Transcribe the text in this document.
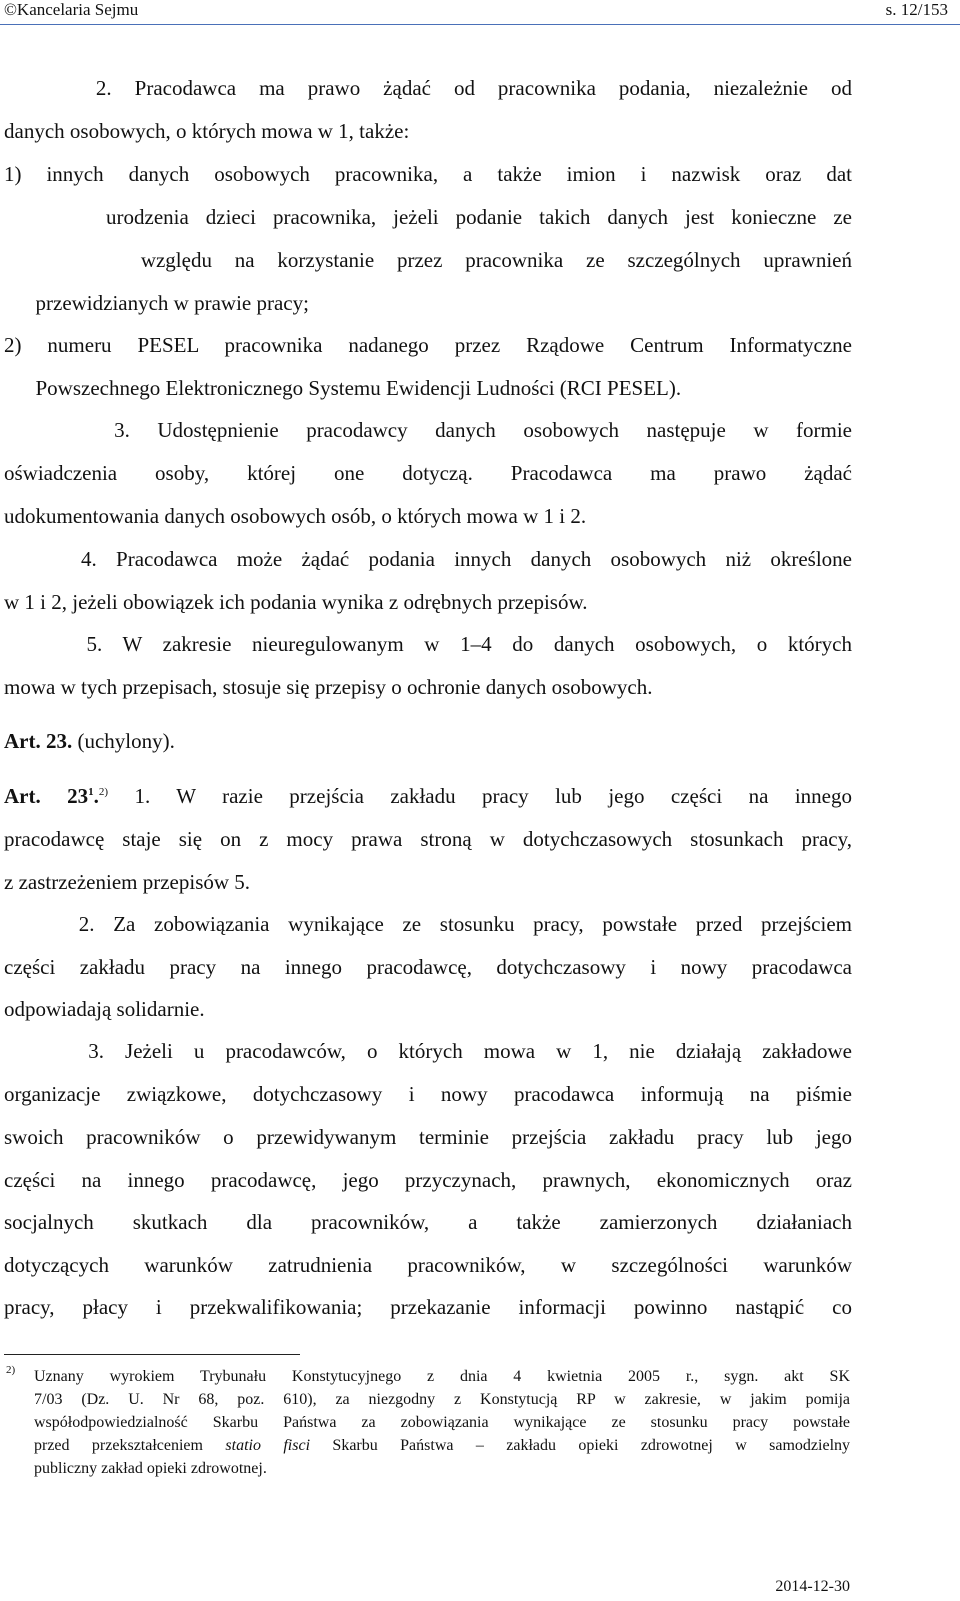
©Kancelaria Sejmu	s. 12/153
2. Pracodawca ma prawo żądać od pracownika podania, niezależnie od
danych osobowych, o których mowa w 1, także:
1) innych danych osobowych pracownika, a także imion i nazwisk oraz dat
urodzenia dzieci pracownika, jeżeli podanie takich danych jest konieczne ze
względu na korzystanie przez pracownika ze szczególnych uprawnień
przewidzianych w prawie pracy;
2) numeru PESEL pracownika nadanego przez Rządowe Centrum Informatyczne
Powszechnego Elektronicznego Systemu Ewidencji Ludności (RCI PESEL).
3. Udostępnienie pracodawcy danych osobowych następuje w formie
oświadczenia osoby, której one dotyczą. Pracodawca ma prawo żądać
udokumentowania danych osobowych osób, o których mowa w 1 i 2.
4. Pracodawca może żądać podania innych danych osobowych niż określone
w 1 i 2, jeżeli obowiązek ich podania wynika z odrębnych przepisów.
5. W zakresie nieuregulowanym w 1–4 do danych osobowych, o których
mowa w tych przepisach, stosuje się przepisy o ochronie danych osobowych.
Art. 23. (uchylony).
Art. $23^1.^{2)}$ 1. W razie przejścia zakładu pracy lub jego części na innego
pracodawcę staje się on z mocy prawa stroną w dotychczasowych stosunkach pracy,
z zastrzeżeniem przepisów 5.
2. Za zobowiązania wynikające ze stosunku pracy, powstałe przed przejściem
części zakładu pracy na innego pracodawcę, dotychczasowy i nowy pracodawca
odpowiadają solidarnie.
3. Jeżeli u pracodawców, o których mowa w 1, nie działają zakładowe
organizacje związkowe, dotychczasowy i nowy pracodawca informują na piśmie
swoich pracowników o przewidywanym terminie przejścia zakładu pracy lub jego
części na innego pracodawcę, jego przyczynach, prawnych, ekonomicznych oraz
socjalnych skutkach dla pracowników, a także zamierzonych działaniach
dotyczących warunków zatrudnienia pracowników, w szczególności warunków
pracy, płacy i przekwalifikowania; przekazanie informacji powinno nastąpić co
2) Uznany wyrokiem Trybunału Konstytucyjnego z dnia 4 kwietnia 2005 r., sygn. akt SK
7/03 (Dz. U. Nr 68, poz. 610), za niezgodny z Konstytucją RP w zakresie, w jakim pomija
współodpowiedzialność Skarbu Państwa za zobowiązania wynikające ze stosunku pracy powstałe
przed przekształceniem statio fisci Skarbu Państwa – zakładu opieki zdrowotnej w samodzielny
publiczny zakład opieki zdrowotnej.
2014-12-30
